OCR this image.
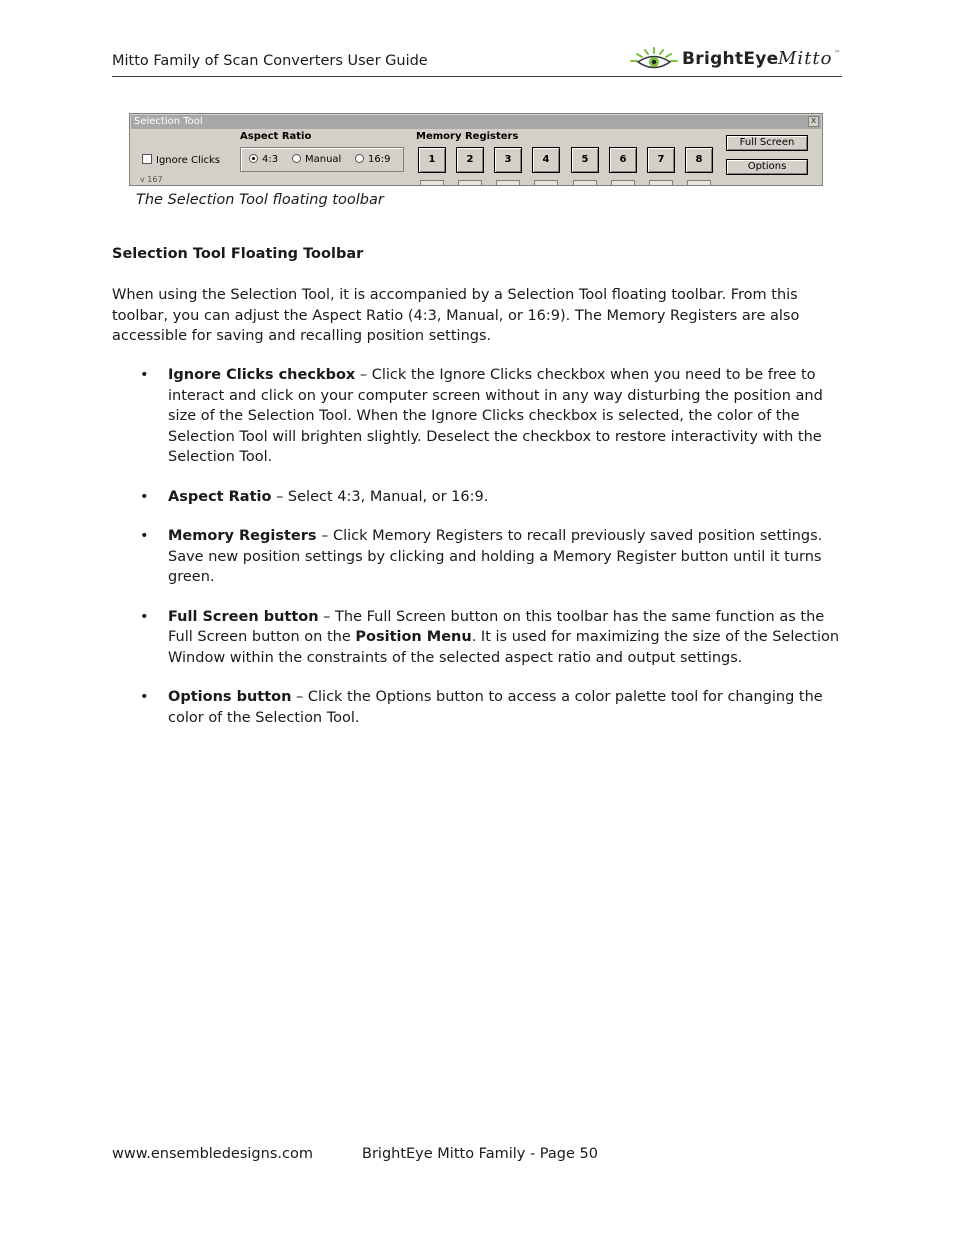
Mitto Family of Scan Converters User Guide	BrightEye Mitto ™
Selection Tool	x
Ignore Clicks
v 167
Aspect Ratio
4:3	Manual	16:9
Memory Registers
1	2	3	4	5	6	7	8
Full Screen
Options
The Selection Tool floating toolbar
Selection Tool Floating Toolbar

When using the Selection Tool, it is accompanied by a Selection Tool floating toolbar. From this toolbar, you can adjust the Aspect Ratio (4:3, Manual, or 16:9). The Memory Registers are also accessible for saving and recalling position settings.

• Ignore Clicks checkbox – Click the Ignore Clicks checkbox when you need to be free to interact and click on your computer screen without in any way disturbing the position and size of the Selection Tool. When the Ignore Clicks checkbox is selected, the color of the Selection Tool will brighten slightly. Deselect the checkbox to restore interactivity with the Selection Tool.
• Aspect Ratio – Select 4:3, Manual, or 16:9.
• Memory Registers – Click Memory Registers to recall previously saved position settings. Save new position settings by clicking and holding a Memory Register button until it turns green.
• Full Screen button – The Full Screen button on this toolbar has the same function as the Full Screen button on the Position Menu. It is used for maximizing the size of the Selection Window within the constraints of the selected aspect ratio and output settings.
• Options button – Click the Options button to access a color palette tool for changing the color of the Selection Tool.
www.ensembledesigns.com	BrightEye Mitto Family - Page 50
